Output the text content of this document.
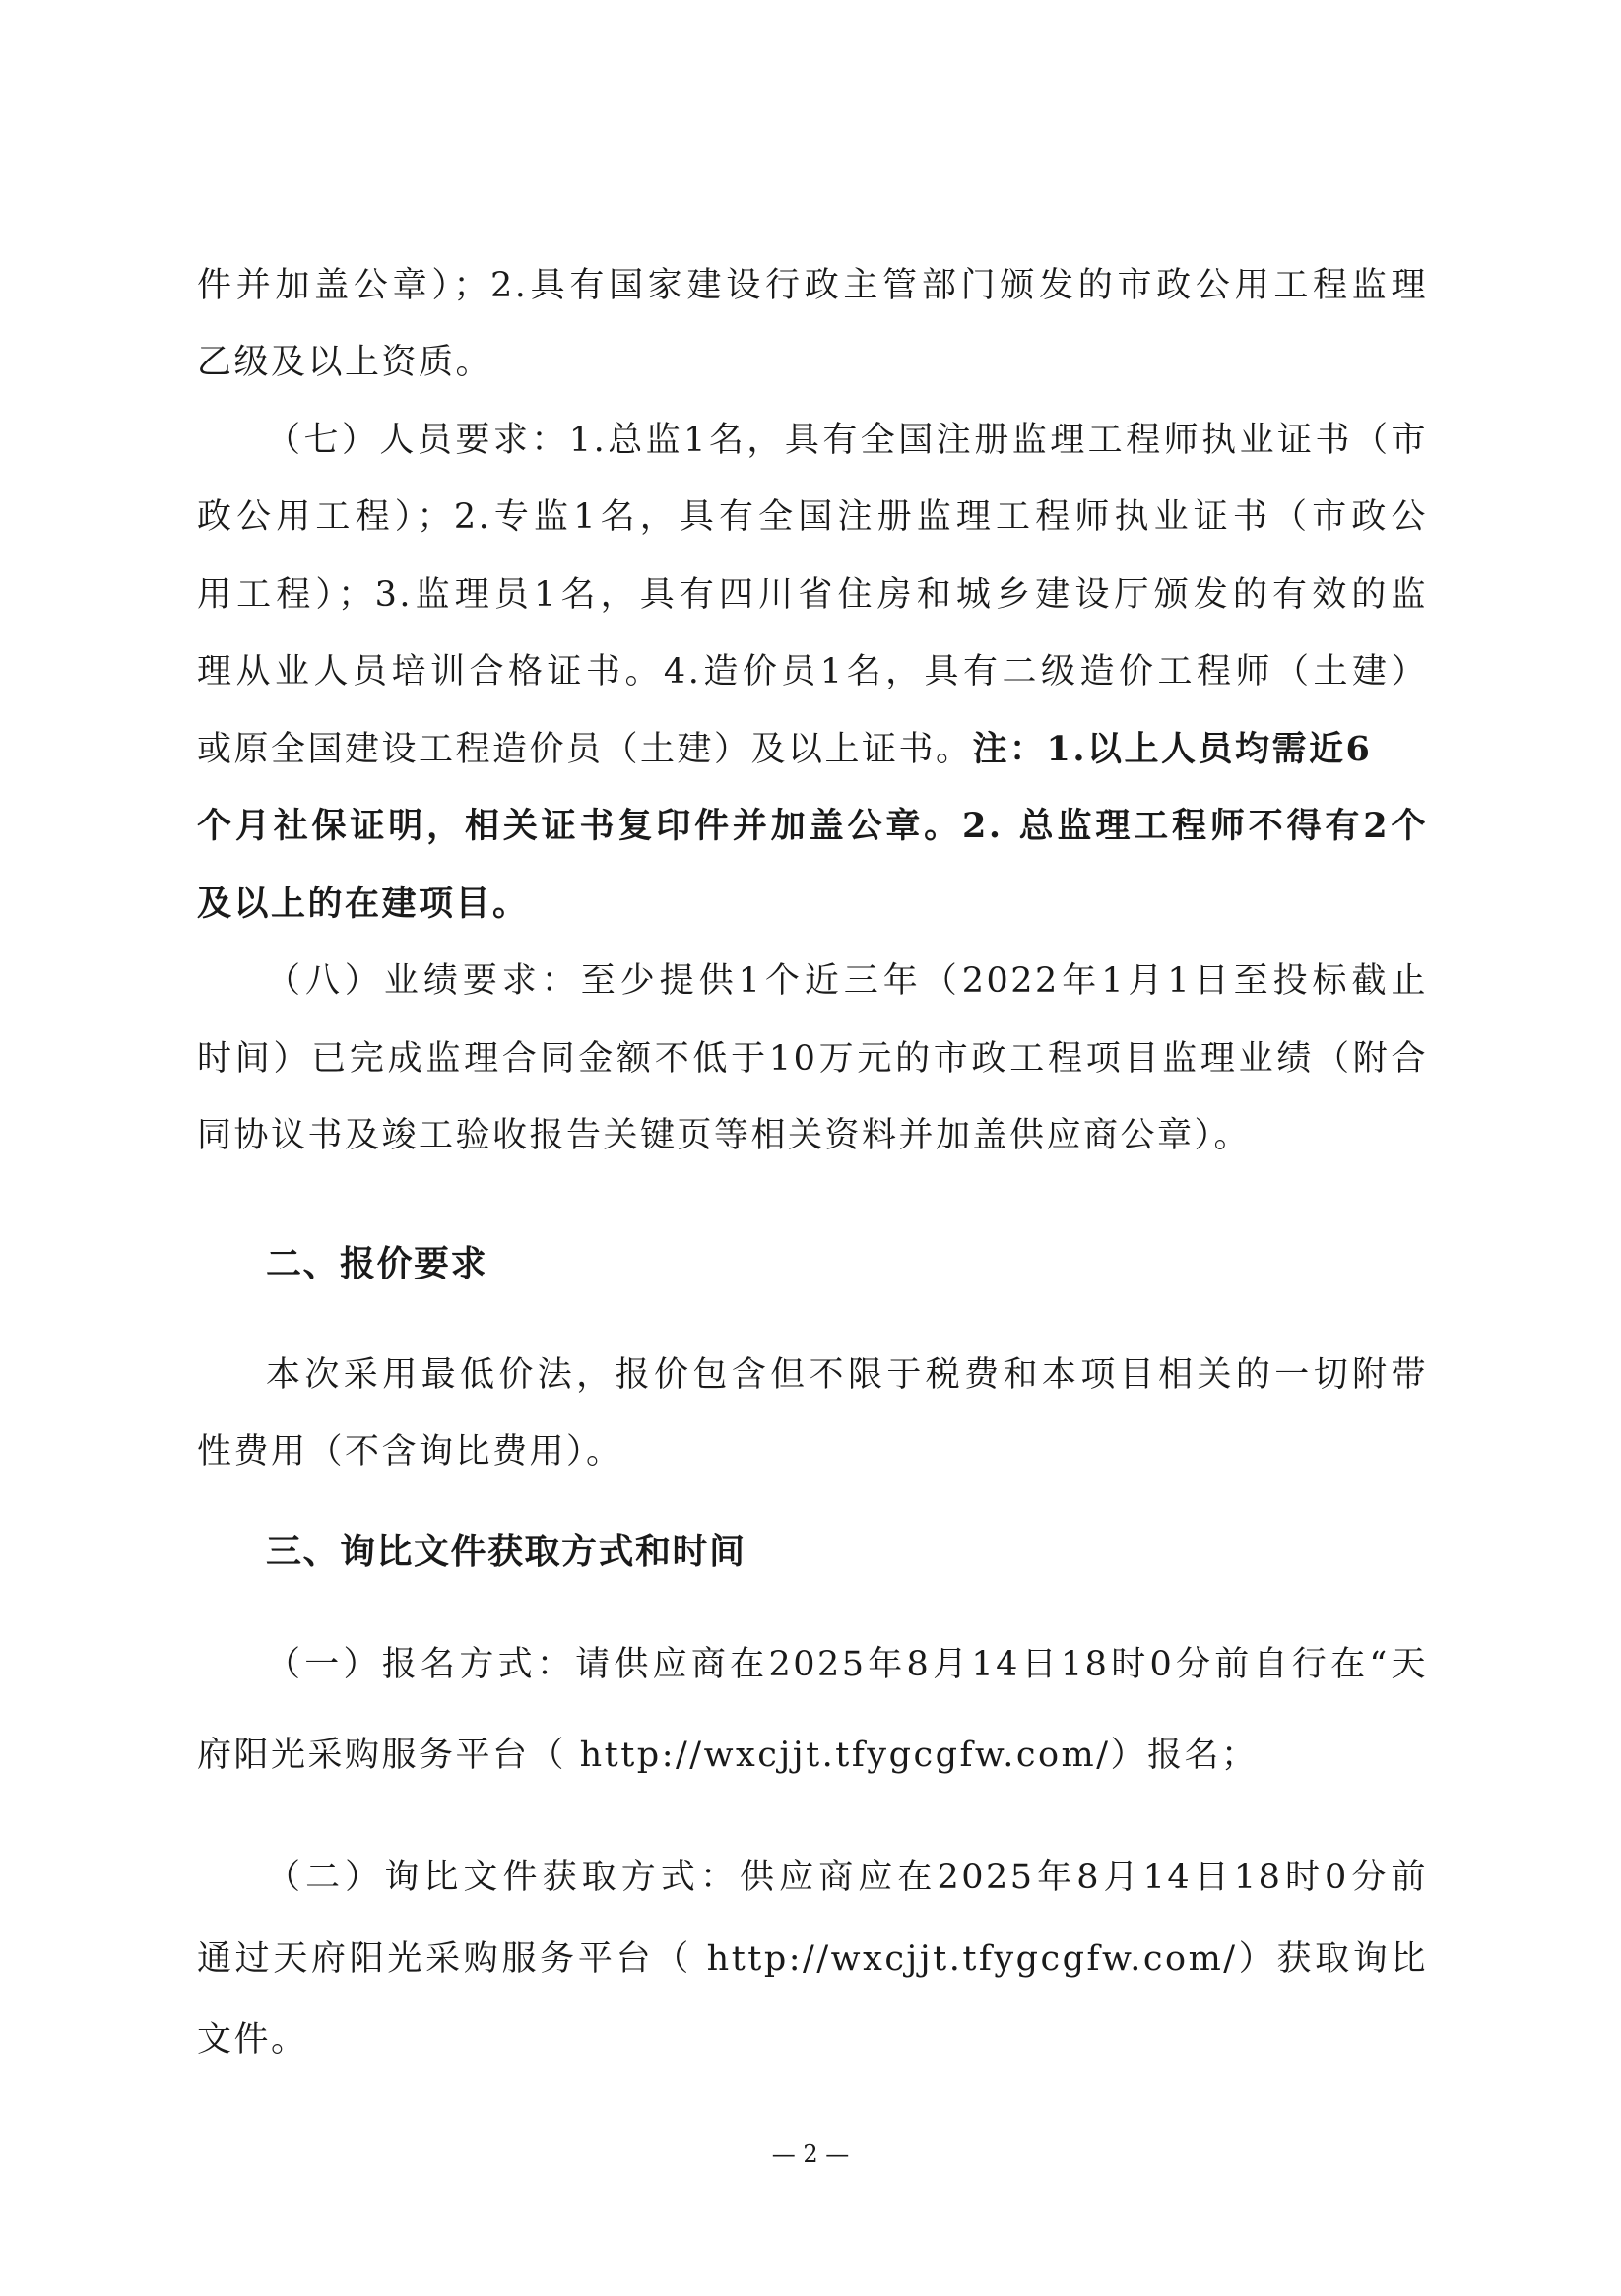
件并加盖公章）；2.具有国家建设行政主管部门颁发的市政公用工程监理
乙级及以上资质。
（七）人员要求：1.总监1名，具有全国注册监理工程师执业证书（市
政公用工程）；2.专监1名，具有全国注册监理工程师执业证书（市政公
用工程）；3.监理员1名，具有四川省住房和城乡建设厅颁发的有效的监
理从业人员培训合格证书。4.造价员1名，具有二级造价工程师（土建）
或原全国建设工程造价员（土建）及以上证书。注：1.以上人员均需近6
个月社保证明，相关证书复印件并加盖公章。2. 总监理工程师不得有2个
及以上的在建项目。
（八）业绩要求：至少提供1个近三年（2022年1月1日至投标截止
时间）已完成监理合同金额不低于10万元的市政工程项目监理业绩（附合
同协议书及竣工验收报告关键页等相关资料并加盖供应商公章）。
二、报价要求
本次采用最低价法，报价包含但不限于税费和本项目相关的一切附带
性费用（不含询比费用）。
三、询比文件获取方式和时间
（一）报名方式：请供应商在2025年8月14日18时0分前自行在“天
府阳光采购服务平台（ http://wxcjjt.tfygcgfw.com/）报名；
（二）询比文件获取方式：供应商应在2025年8月14日18时0分前
通过天府阳光采购服务平台（ http://wxcjjt.tfygcgfw.com/）获取询比
文件。
— 2 —
